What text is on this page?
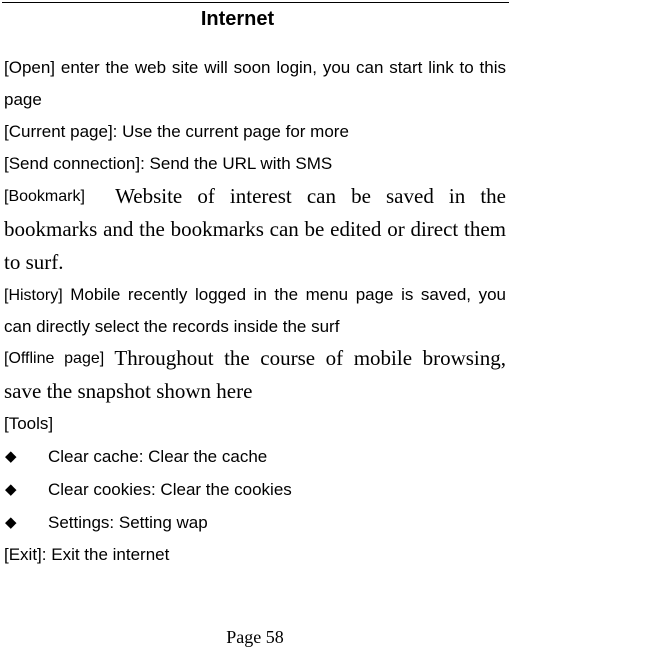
Internet

[Open] enter the web site will soon login, you can start link to this page

[Current page]: Use the current page for more

[Send connection]: Send the URL with SMS

[Bookmark] Website of interest can be saved in the bookmarks and the bookmarks can be edited or direct them to surf.

[History] Mobile recently logged in the menu page is saved, you can directly select the records inside the surf

[Offline page] Throughout the course of mobile browsing, save the snapshot shown here

[Tools]

◆ Clear cache: Clear the cache
◆ Clear cookies: Clear the cookies
◆ Settings: Setting wap

[Exit]: Exit the internet

Page 58
